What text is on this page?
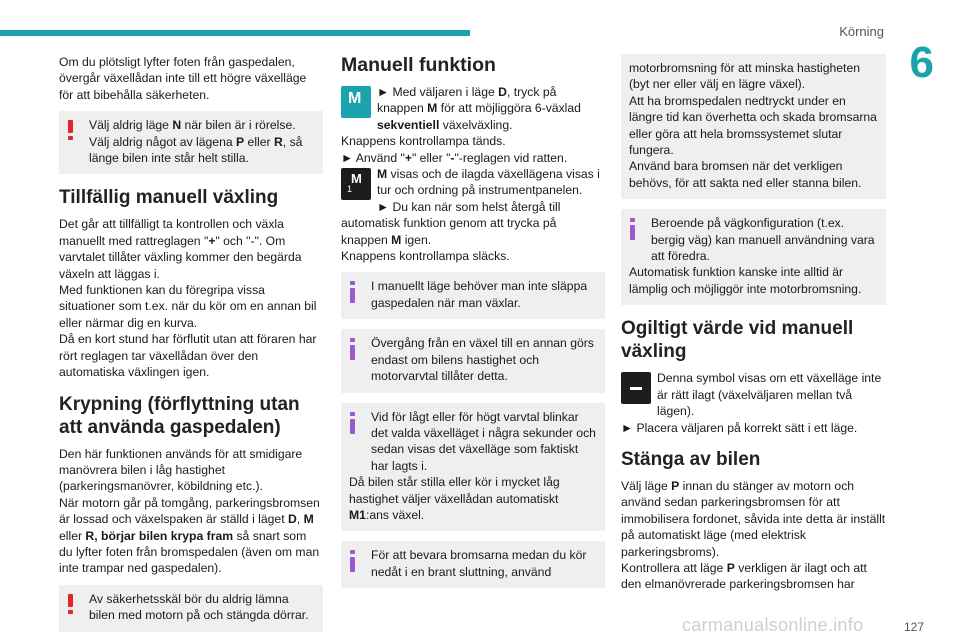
Körning
6

Om du plötsligt lyfter foten från gaspedalen, övergår växellådan inte till ett högre växelläge för att bibehålla säkerheten.

Välj aldrig läge N när bilen är i rörelse. Välj aldrig något av lägena P eller R, så länge bilen inte står helt stilla.
Tillfällig manuell växling

Det går att tillfälligt ta kontrollen och växla manuellt med rattreglagen "+" och "-". Om varvtalet tillåter växling kommer den begärda växeln att läggas i.

Med funktionen kan du föregripa vissa situationer som t.ex. när du kör om en annan bil eller närmar dig en kurva.

Då en kort stund har förflutit utan att föraren har rört reglagen tar växellådan över den automatiska växlingen igen.

Krypning (förflyttning utan att använda gaspedalen)

Den här funktionen används för att smidigare manövrera bilen i låg hastighet (parkeringsmanövrer, köbildning etc.).

När motorn går på tomgång, parkeringsbromsen är lossad och växelspaken är ställd i läget D, M eller R, börjar bilen krypa fram så snart som du lyfter foten från bromspedalen (även om man inte trampar ned gaspedalen).

Av säkerhetsskäl bör du aldrig lämna bilen med motorn på och stängda dörrar.
Manuell funktion
M ► Med väljaren i läge D, tryck på knappen M för att möjliggöra 6-växlad sekventiell växelväxling.

Knappens kontrollampa tänds.

► Använd "+" eller "-"-reglagen vid ratten.

M
1
M visas och de ilagda växellägena visas i tur och ordning på instrumentpanelen.

► Du kan när som helst återgå till automatisk funktion genom att trycka på knappen M igen.

Knappens kontrollampa släcks.

I manuellt läge behöver man inte släppa gaspedalen när man växlar.
Övergång från en växel till en annan görs endast om bilens hastighet och motorvarvtal tillåter detta.
Vid för lågt eller för högt varvtal blinkar det valda växelläget i några sekunder och sedan visas det växelläge som faktiskt har lagts i.
Då bilen står stilla eller kör i mycket låg hastighet väljer växellådan automatiskt M1:ans växel.
För att bevara bromsarna medan du kör nedåt i en brant sluttning, använd

motorbromsning för att minska hastigheten (byt ner eller välj en lägre växel).

Att ha bromspedalen nedtryckt under en längre tid kan överhetta och skada bromsarna eller göra att hela bromssystemet slutar fungera.

Använd bara bromsen när det verkligen behövs, för att sakta ned eller stanna bilen.

Beroende på vägkonfiguration (t.ex. bergig väg) kan manuell användning vara att föredra.
Automatisk funktion kanske inte alltid är lämplig och möjliggör inte motorbromsning.
Ogiltigt värde vid manuell växling
Denna symbol visas om ett växelläge inte är rätt ilagt (växelväljaren mellan två lägen).

► Placera väljaren på korrekt sätt i ett läge.

Stänga av bilen

Välj läge P innan du stänger av motorn och använd sedan parkeringsbromsen för att immobilisera fordonet, såvida inte detta är inställt på automatiskt läge (med elektrisk parkeringsbroms).

Kontrollera att läge P verkligen är ilagt och att den elmanövrerade parkeringsbromsen har

carmanualsonline.info	127
